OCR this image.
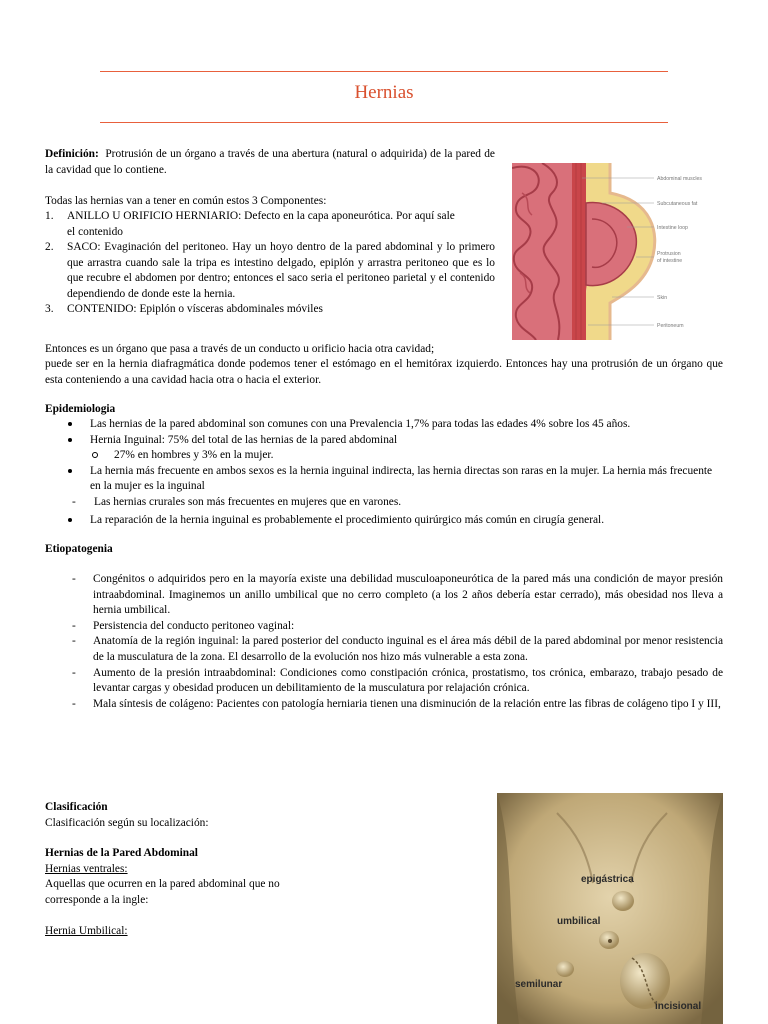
Hernias
Definición: Protrusión de un órgano a través de una abertura (natural o adquirida) de la pared de la cavidad que lo contiene.
Todas las hernias van a tener en común estos 3 Componentes:
1. ANILLO U ORIFICIO HERNIARIO: Defecto en la capa aponeurótica. Por aquí sale
el contenido
2. SACO: Evaginación del peritoneo. Hay un hoyo dentro de la pared abdominal y lo primero que arrastra cuando sale la tripa es intestino delgado, epiplón y arrastra peritoneo que es lo que recubre el abdomen por dentro; entonces el saco seria el peritoneo parietal y el contenido dependiendo de donde este la hernia.
3. CONTENIDO: Epiplón o vísceras abdominales móviles
Abdominal muscles
Subcutaneous fat
Intestine loop
Protrusion
of intestine
Skin
Peritoneum
Entonces es un órgano que pasa a través de un conducto u orificio hacia otra cavidad;
puede ser en la hernia diafragmática donde podemos tener el estómago en el hemitórax izquierdo. Entonces hay una protrusión de un órgano que esta conteniendo a una cavidad hacia otra o hacia el exterior.
Epidemiologia
Las hernias de la pared abdominal son comunes con una Prevalencia 1,7% para todas las edades 4% sobre los 45 años.
Hernia Inguinal: 75% del total de las hernias de la pared abdominal
27% en hombres y 3% en la mujer.
La hernia más frecuente en ambos sexos es la hernia inguinal indirecta, las hernia directas son raras en la mujer. La hernia más frecuente en la mujer es la inguinal
- Las hernias crurales son más frecuentes en mujeres que en varones.
La reparación de la hernia inguinal es probablemente el procedimiento quirúrgico más común en cirugía general.
Etiopatogenia
- Congénitos o adquiridos pero en la mayoría existe una debilidad musculoaponeurótica de la pared más una condición de mayor presión intraabdominal. Imaginemos un anillo umbilical que no cerro completo (a los 2 años debería estar cerrado), más obesidad nos lleva a hernia umbilical.
- Persistencia del conducto peritoneo vaginal:
- Anatomía de la región inguinal: la pared posterior del conducto inguinal es el área más débil de la pared abdominal por menor resistencia de la musculatura de la zona. El desarrollo de la evolución nos hizo más vulnerable a esta zona.
- Aumento de la presión intraabdominal: Condiciones como constipación crónica, prostatismo, tos crónica, embarazo, trabajo pesado de levantar cargas y obesidad producen un debilitamiento de la musculatura por relajación crónica.
- Mala síntesis de colágeno: Pacientes con patología herniaria tienen una disminución de la relación entre las fibras de colágeno tipo I y III,
Clasificación
Clasificación según su localización:
Hernias de la Pared Abdominal
Hernias ventrales:
Aquellas que ocurren en la pared abdominal que no
corresponde a la ingle:
Hernia Umbilical:
epigástrica
umbilical
semilunar
incisional
